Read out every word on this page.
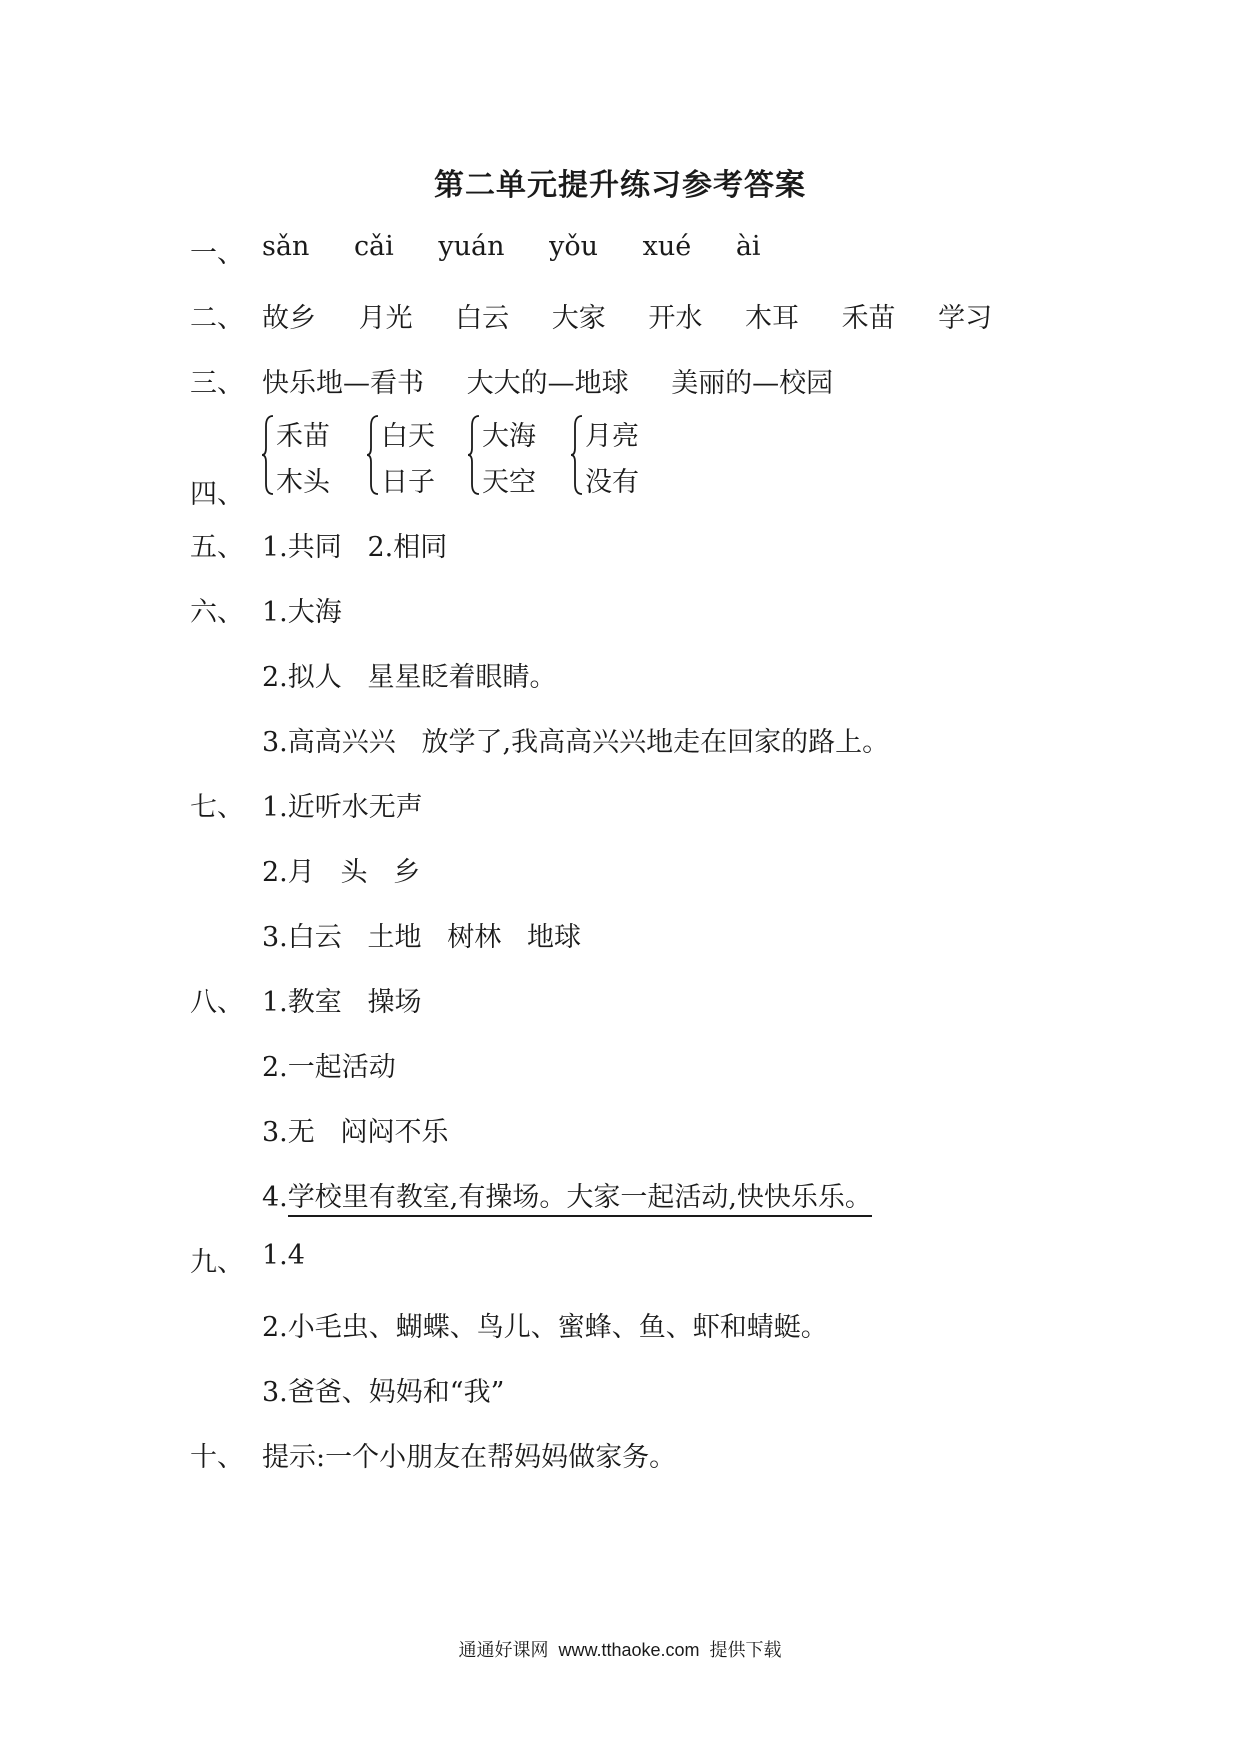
第二单元提升练习参考答案
一、 sǎn cǎi yuán yǒu xué ài
二、 故乡 月光 白云 大家 开水 木耳 禾苗 学习
三、 快乐地—看书 大大的—地球 美丽的—校园
四、
禾苗
木头
白天
日子
大海
天空
月亮
没有
五、 1.共同   2.相同
六、 1.大海
2.拟人   星星眨着眼睛。
3.高高兴兴   放学了,我高高兴兴地走在回家的路上。
七、 1.近听水无声
2.月   头   乡
3.白云   土地   树林   地球
八、 1.教室   操场
2.一起活动
3.无   闷闷不乐
4.学校里有教室,有操场。大家一起活动,快快乐乐。
九、 1.4
2.小毛虫、蝴蝶、鸟儿、蜜蜂、鱼、虾和蜻蜓。
3.爸爸、妈妈和“我”
十、 提示:一个小朋友在帮妈妈做家务。
通通好课网  www.tthaoke.com  提供下载
